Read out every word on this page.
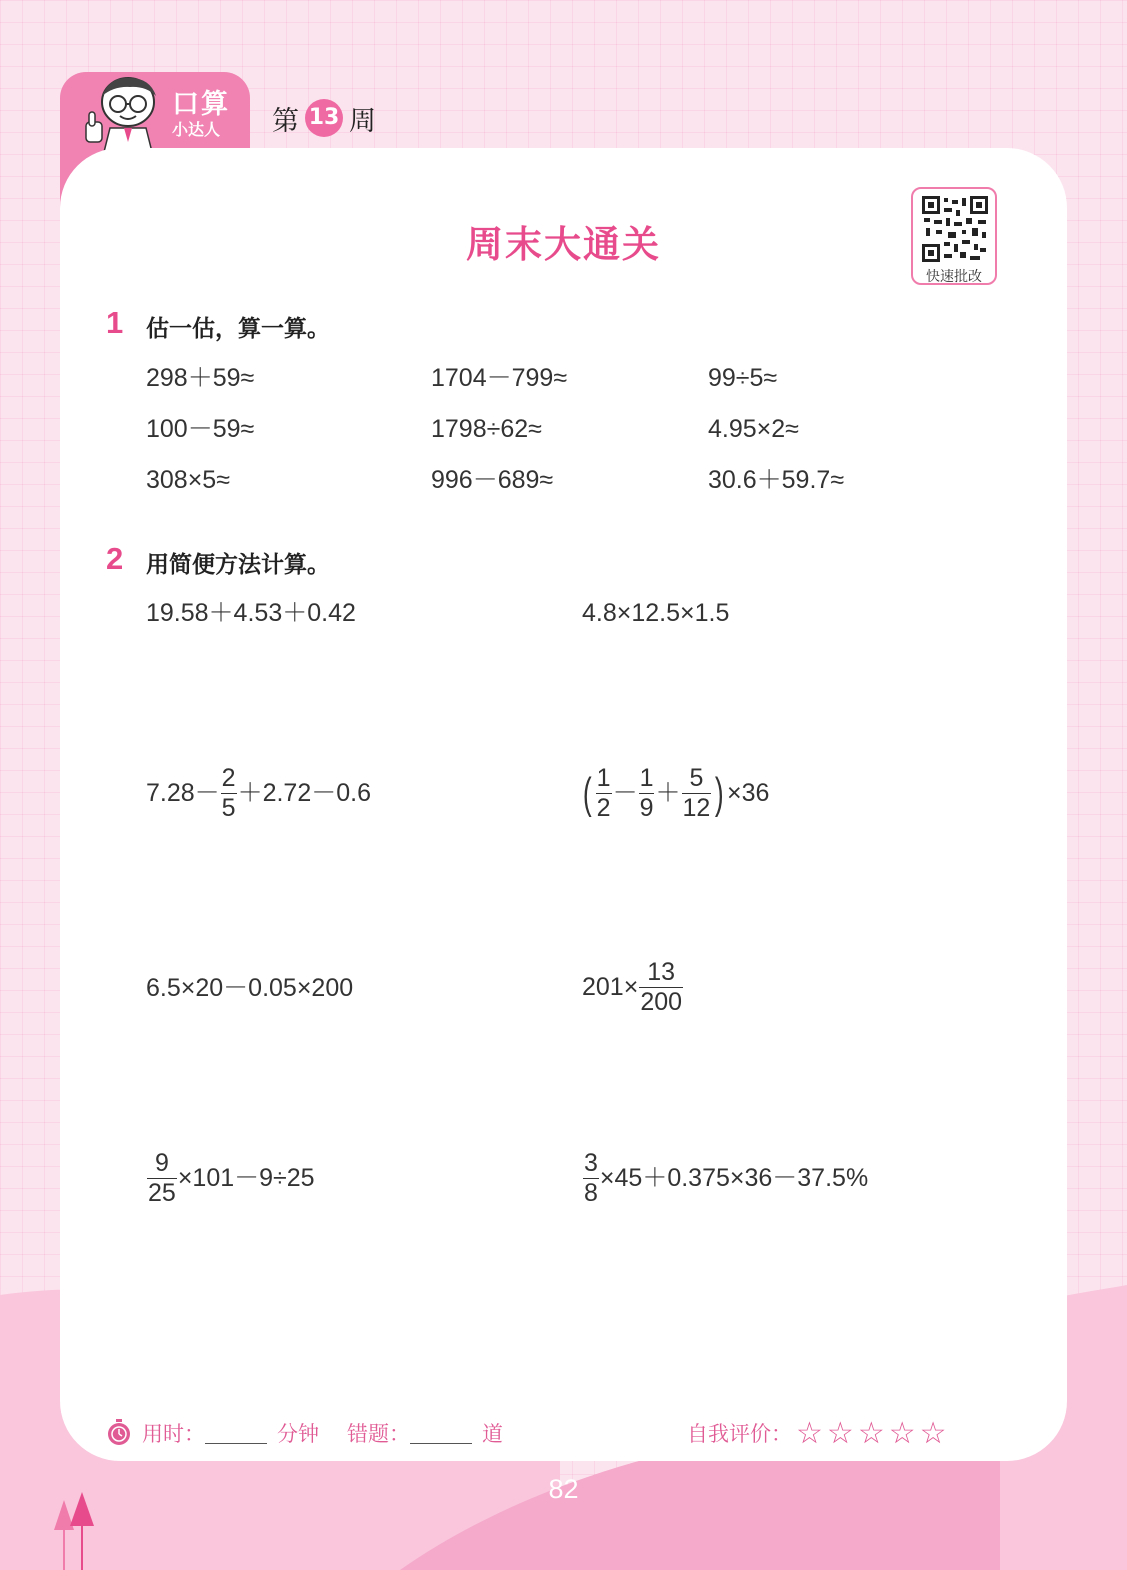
口算
小达人 第 13 周
周末大通关
快速批改
1 估一估，算一算。
298＋59≈	1704－799≈	99÷5≈
100－59≈	1798÷62≈	4.95×2≈
308×5≈	996－689≈	30.6＋59.7≈
2 用简便方法计算。
19.58＋4.53＋0.42	4.8×12.5×1.5
$7.28- \frac{2}{5} +2.72-0.6$	( $\frac{1}{2} - \frac{1}{9} + \frac{5}{12}$ ) ×36
6.5×20－0.05×200	$201\times \frac{13}{200}$
$\frac{9}{25} \times 101-9\div 25$	$\frac{3}{8} \times 45+0.375\times 36-37.5\%$
用时：	分钟 错题：	道	自我评价： ☆ ☆ ☆ ☆ ☆
82
